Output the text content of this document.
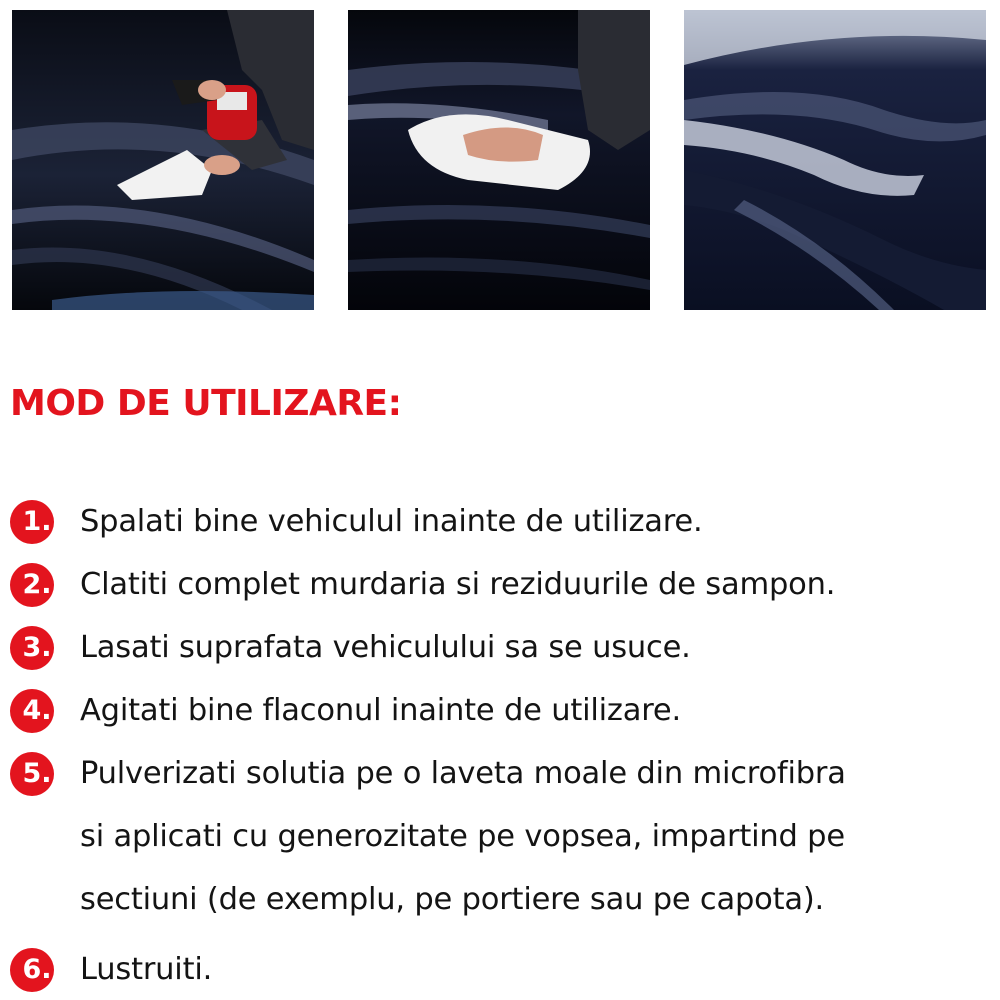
MOD DE UTILIZARE:
1. Spalati bine vehiculul inainte de utilizare.
2. Clatiti complet murdaria si reziduurile de sampon.
3. Lasati suprafata vehiculului sa se usuce.
4. Agitati bine flaconul inainte de utilizare.
5. Pulverizati solutia pe o laveta moale din microfibra
si aplicati cu generozitate pe vopsea, impartind pe
sectiuni (de exemplu, pe portiere sau pe capota).
6. Lustruiti.
